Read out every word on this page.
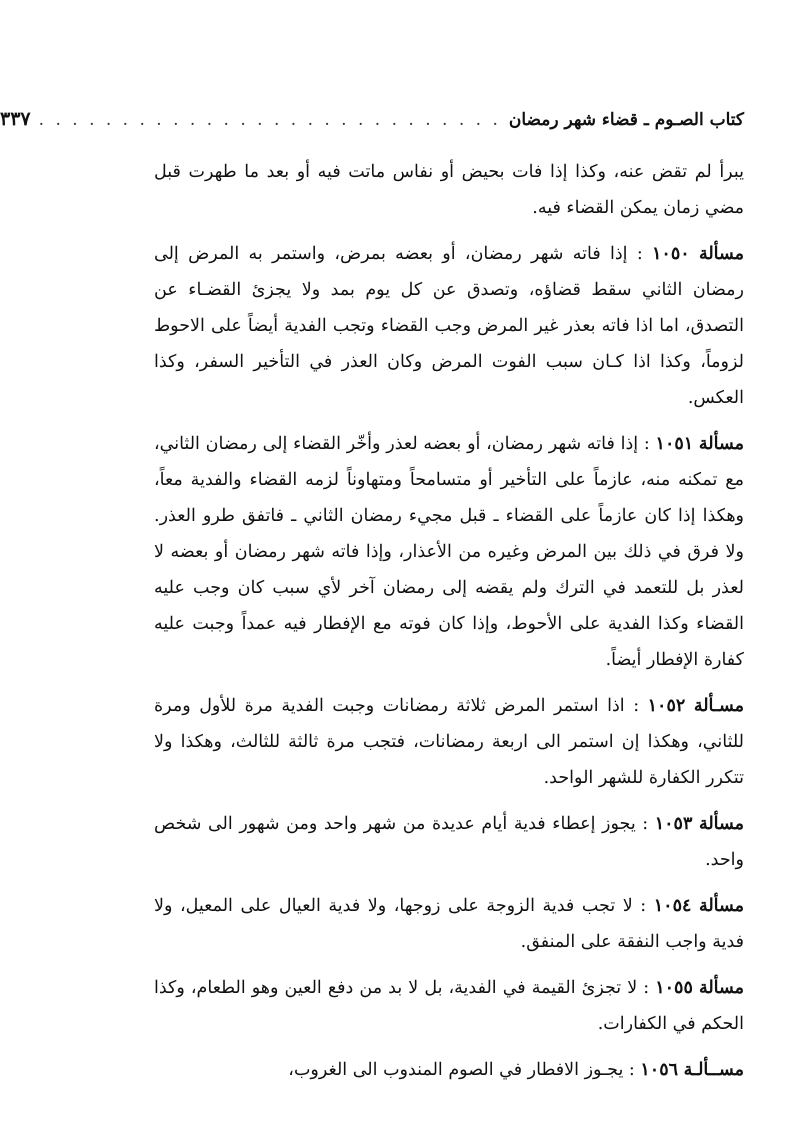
كتاب الصـوم ـ قضاء شهر رمضان
. . . . . . . . . . . . . . . . . . . . . . . . . . . .
٣٣٧

يبرأ لم تقض عنه، وكذا إذا فات بحيض أو نفاس ماتت فيه أو بعد ما طهرت قبل مضي زمان يمكن القضاء فيه.

مسألة ١٠٥٠ : إذا فاته شهر رمضان، أو بعضه بمرض، واستمر به المرض إلى رمضان الثاني سقط قضاؤه، وتصدق عن كل يوم بمد ولا يجزئ القضـاء عن التصدق، اما اذا فاته بعذر غير المرض وجب القضاء وتجب الفدية أيضاً على الاحوط لزوماً، وكذا اذا كـان سبب الفوت المرض وكان العذر في التأخير السفر، وكذا العكس.

مسألة ١٠٥١ : إذا فاته شهر رمضان، أو بعضه لعذر وأخّر القضاء إلى رمضان الثاني، مع تمكنه منه، عازماً على التأخير أو متسامحاً ومتهاوناً لزمه القضاء والفدية معاً، وهكذا إذا كان عازماً على القضاء ـ قبل مجيء رمضان الثاني ـ فاتفق طرو العذر. ولا فرق في ذلك بين المرض وغيره من الأعذار، وإذا فاته شهر رمضان أو بعضه لا لعذر بل للتعمد في الترك ولم يقضه إلى رمضان آخر لأي سبب كان وجب عليه القضاء وكذا الفدية على الأحوط، وإذا كان فوته مع الإفطار فيه عمداً وجبت عليه كفارة الإفطار أيضاً.

مسـألة ١٠٥٢ : اذا استمر المرض ثلاثة رمضانات وجبت الفدية مرة للأول ومرة للثاني، وهكذا إن استمر الى اربعة رمضانات، فتجب مرة ثالثة للثالث، وهكذا ولا تتكرر الكفارة للشهر الواحد.

مسألة ١٠٥٣ : يجوز إعطاء فدية أيام عديدة من شهر واحد ومن شهور الى شخص واحد.

مسألة ١٠٥٤ : لا تجب فدية الزوجة على زوجها، ولا فدية العيال على المعيل، ولا فدية واجب النفقة على المنفق.

مسألة ١٠٥٥ : لا تجزئ القيمة في الفدية، بل لا بد من دفع العين وهو الطعام، وكذا الحكم في الكفارات.

مســألـة ١٠٥٦ : يجـوز الافطار في الصوم المندوب الى الغروب،
